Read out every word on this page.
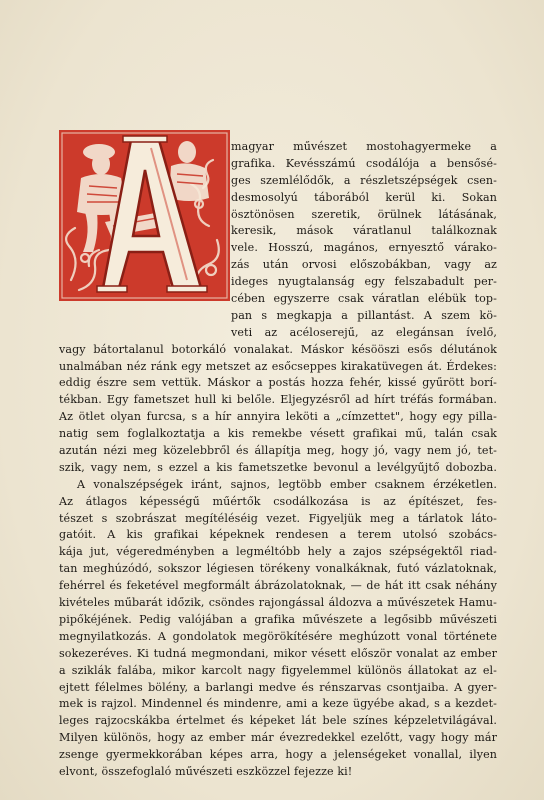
magyar művészet mostohagyermeke a
grafika. Kevésszámú csodálója a bensősé-
ges szemlélődők, a részletszépségek csen-
desmosolyú táborából kerül ki. Sokan
ösztönösen szeretik, örülnek látásának,
keresik, mások váratlanul találkoznak
vele. Hosszú, magános, ernyesztő várako-
zás után orvosi előszobákban, vagy az
ideges nyugtalanság egy felszabadult per-
cében egyszerre csak váratlan elébük top-
pan s megkapja a pillantást. A szem kö-
veti az acéloserejű, az elegánsan ívelő,
vagy bátortalanul botorkáló vonalakat. Máskor késööszi esős délutánok
unalmában néz ránk egy metszet az esőcseppes kirakatüvegen át. Érdekes:
eddig észre sem vettük. Máskor a postás hozza fehér, kissé gyűrött borí-
tékban. Egy fametszet hull ki belőle. Eljegyzésről ad hírt tréfás formában.
Az ötlet olyan furcsa, s a hír annyira leköti a „címzettet", hogy egy pilla-
natig sem foglalkoztatja a kis remekbe vésett grafikai mű, talán csak
azután nézi meg közelebbről és állapítja meg, hogy jó, vagy nem jó, tet-
szik, vagy nem, s ezzel a kis fametszetke bevonul a levélgyűjtő dobozba.
A vonalszépségek iránt, sajnos, legtöbb ember csaknem érzéketlen.
Az átlagos képességű műértők csodálkozása is az építészet, fes-
tészet s szobrászat megítéléséig vezet. Figyeljük meg a tárlatok láto-
gatóit. A kis grafikai képeknek rendesen a terem utolsó szobács-
kája jut, végeredményben a legméltóbb hely a zajos szépségektől riad-
tan meghúzódó, sokszor légiesen törékeny vonalkáknak, futó vázlatoknak,
fehérrel és feketével megformált ábrázolatoknak, — de hát itt csak néhány
kivételes műbarát időzik, csöndes rajongással áldozva a művészetek Hamu-
pipőkéjének. Pedig valójában a grafika művészete a legősibb művészeti
megnyilatkozás. A gondolatok megörökítésére meghúzott vonal története
sokezeréves. Ki tudná megmondani, mikor vésett először vonalat az ember
a sziklák falába, mikor karcolt nagy figyelemmel különös állatokat az el-
ejtett félelmes bölény, a barlangi medve és rénszarvas csontjaiba. A gyer-
mek is rajzol. Mindennel és mindenre, ami a keze ügyébe akad, s a kezdet-
leges rajzocskákba értelmet és képeket lát bele színes képzeletvilágával.
Milyen különös, hogy az ember már évezredekkel ezelőtt, vagy hogy már
zsenge gyermekkorában képes arra, hogy a jelenségeket vonallal, ilyen
elvont, összefoglaló művészeti eszközzel fejezze ki!
